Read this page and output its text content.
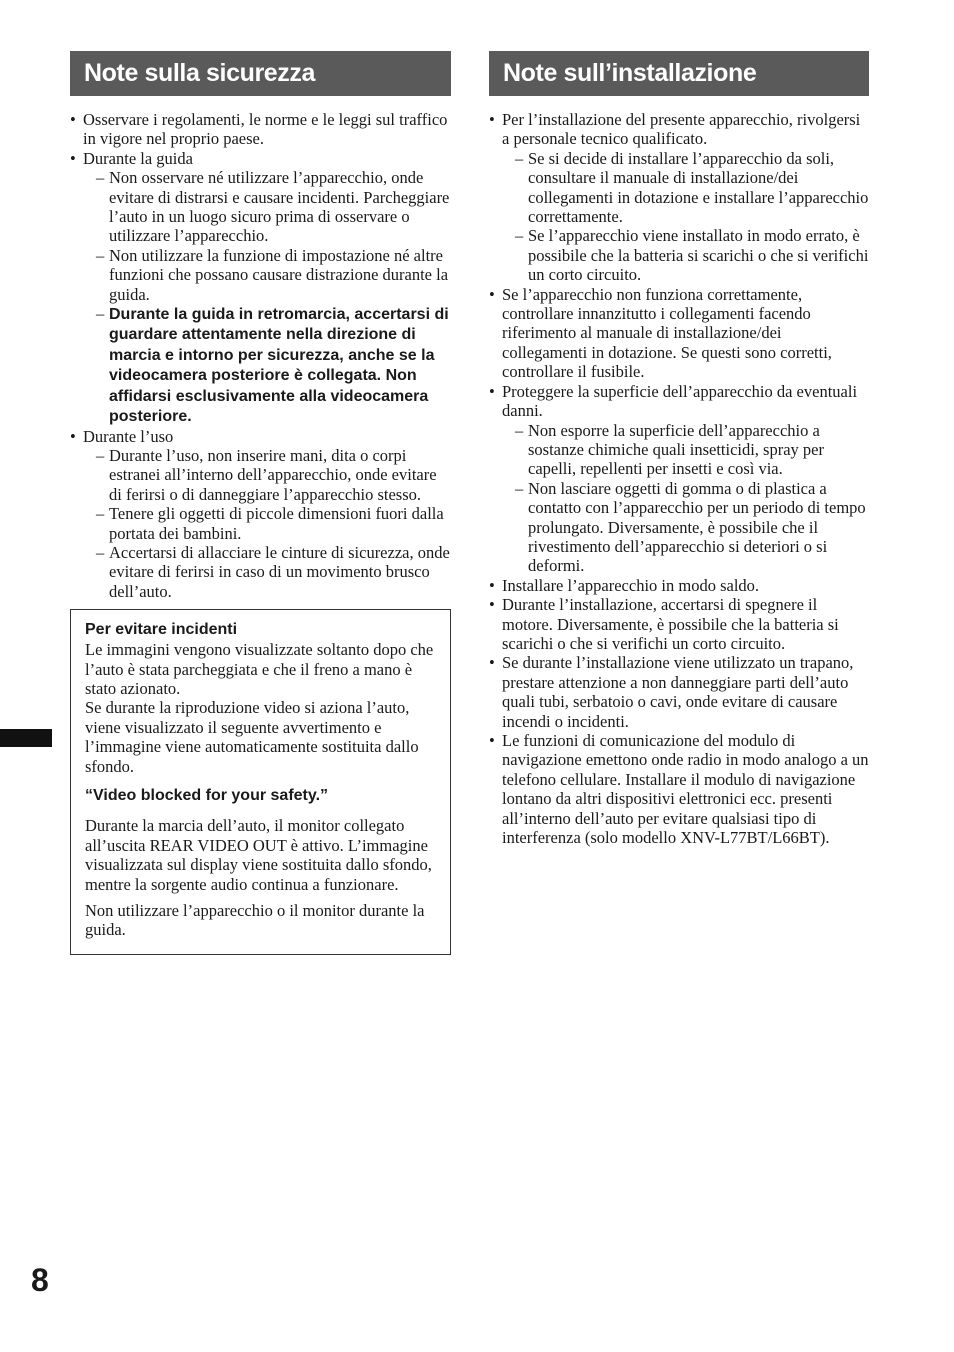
Note sulla sicurezza
• Osservare i regolamenti, le norme e le leggi sul traffico in vigore nel proprio paese.
• Durante la guida
– Non osservare né utilizzare l’apparecchio, onde evitare di distrarsi e causare incidenti. Parcheggiare l’auto in un luogo sicuro prima di osservare o utilizzare l’apparecchio.
– Non utilizzare la funzione di impostazione né altre funzioni che possano causare distrazione durante la guida.
– Durante la guida in retromarcia, accertarsi di guardare attentamente nella direzione di marcia e intorno per sicurezza, anche se la videocamera posteriore è collegata. Non affidarsi esclusivamente alla videocamera posteriore.
• Durante l’uso
– Durante l’uso, non inserire mani, dita o corpi estranei all’interno dell’apparecchio, onde evitare di ferirsi o di danneggiare l’apparecchio stesso.
– Tenere gli oggetti di piccole dimensioni fuori dalla portata dei bambini.
– Accertarsi di allacciare le cinture di sicurezza, onde evitare di ferirsi in caso di un movimento brusco dell’auto.
Per evitare incidenti

Le immagini vengono visualizzate soltanto dopo che l’auto è stata parcheggiata e che il freno a mano è stato azionato.

Se durante la riproduzione video si aziona l’auto, viene visualizzato il seguente avvertimento e l’immagine viene automaticamente sostituita dallo sfondo.

“Video blocked for your safety.”

Durante la marcia dell’auto, il monitor collegato all’uscita REAR VIDEO OUT è attivo. L’immagine visualizzata sul display viene sostituita dallo sfondo, mentre la sorgente audio continua a funzionare.

Non utilizzare l’apparecchio o il monitor durante la guida.

Note sull’installazione
• Per l’installazione del presente apparecchio, rivolgersi a personale tecnico qualificato.
– Se si decide di installare l’apparecchio da soli, consultare il manuale di installazione/dei collegamenti in dotazione e installare l’apparecchio correttamente.
– Se l’apparecchio viene installato in modo errato, è possibile che la batteria si scarichi o che si verifichi un corto circuito.
• Se l’apparecchio non funziona correttamente, controllare innanzitutto i collegamenti facendo riferimento al manuale di installazione/dei collegamenti in dotazione. Se questi sono corretti, controllare il fusibile.
• Proteggere la superficie dell’apparecchio da eventuali danni.
– Non esporre la superficie dell’apparecchio a sostanze chimiche quali insetticidi, spray per capelli, repellenti per insetti e così via.
– Non lasciare oggetti di gomma o di plastica a contatto con l’apparecchio per un periodo di tempo prolungato. Diversamente, è possibile che il rivestimento dell’apparecchio si deteriori o si deformi.
• Installare l’apparecchio in modo saldo.
• Durante l’installazione, accertarsi di spegnere il motore. Diversamente, è possibile che la batteria si scarichi o che si verifichi un corto circuito.
• Se durante l’installazione viene utilizzato un trapano, prestare attenzione a non danneggiare parti dell’auto quali tubi, serbatoio o cavi, onde evitare di causare incendi o incidenti.
• Le funzioni di comunicazione del modulo di navigazione emettono onde radio in modo analogo a un telefono cellulare. Installare il modulo di navigazione lontano da altri dispositivi elettronici ecc. presenti all’interno dell’auto per evitare qualsiasi tipo di interferenza (solo modello XNV-L77BT/L66BT).
8
